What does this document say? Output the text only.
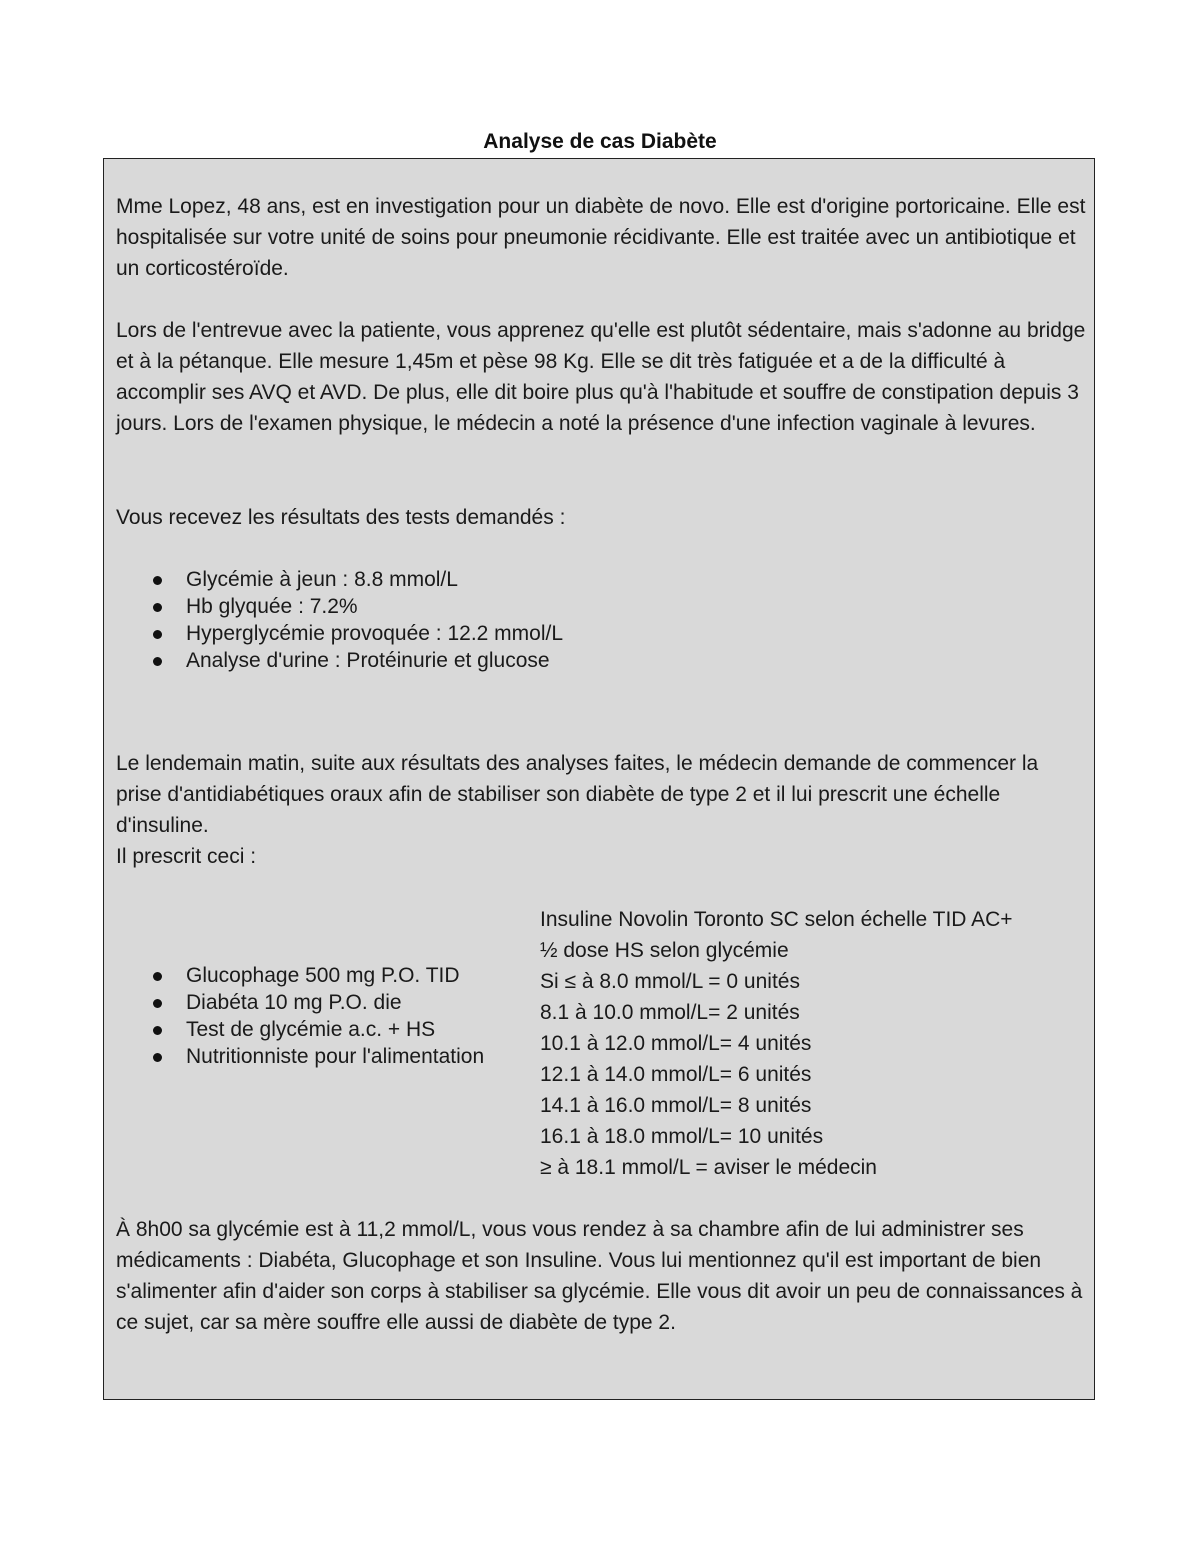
Analyse de cas Diabète

Mme Lopez, 48 ans, est en investigation pour un diabète de novo. Elle est d'origine portoricaine. Elle est hospitalisée sur votre unité de soins pour pneumonie récidivante. Elle est traitée avec un antibiotique et un corticostéroïde.

Lors de l'entrevue avec la patiente, vous apprenez qu'elle est plutôt sédentaire, mais s'adonne au bridge et à la pétanque. Elle mesure 1,45m et pèse 98 Kg. Elle se dit très fatiguée et a de la difficulté à accomplir ses AVQ et AVD. De plus, elle dit boire plus qu'à l'habitude et souffre de constipation depuis 3 jours. Lors de l'examen physique, le médecin a noté la présence d'une infection vaginale à levures.

Vous recevez les résultats des tests demandés :

Glycémie à jeun : 8.8 mmol/L
Hb glyquée : 7.2%
Hyperglycémie provoquée : 12.2 mmol/L
Analyse d'urine : Protéinurie et glucose

Le lendemain matin, suite aux résultats des analyses faites, le médecin demande de commencer la prise d'antidiabétiques oraux afin de stabiliser son diabète de type 2 et il lui prescrit une échelle d'insuline.

Il prescrit ceci :

Glucophage 500 mg P.O. TID
Diabéta 10 mg P.O. die
Test de glycémie a.c. + HS
Nutritionniste pour l'alimentation
Insuline Novolin Toronto SC selon échelle TID AC+
½ dose HS selon glycémie
Si ≤ à 8.0 mmol/L = 0 unités
8.1 à 10.0 mmol/L= 2 unités
10.1 à 12.0 mmol/L= 4 unités
12.1 à 14.0 mmol/L= 6 unités
14.1 à 16.0 mmol/L= 8 unités
16.1 à 18.0 mmol/L= 10 unités
≥ à 18.1 mmol/L = aviser le médecin

À 8h00 sa glycémie est à 11,2 mmol/L, vous vous rendez à sa chambre afin de lui administrer ses médicaments : Diabéta, Glucophage et son Insuline. Vous lui mentionnez qu'il est important de bien s'alimenter afin d'aider son corps à stabiliser sa glycémie. Elle vous dit avoir un peu de connaissances à ce sujet, car sa mère souffre elle aussi de diabète de type 2.
